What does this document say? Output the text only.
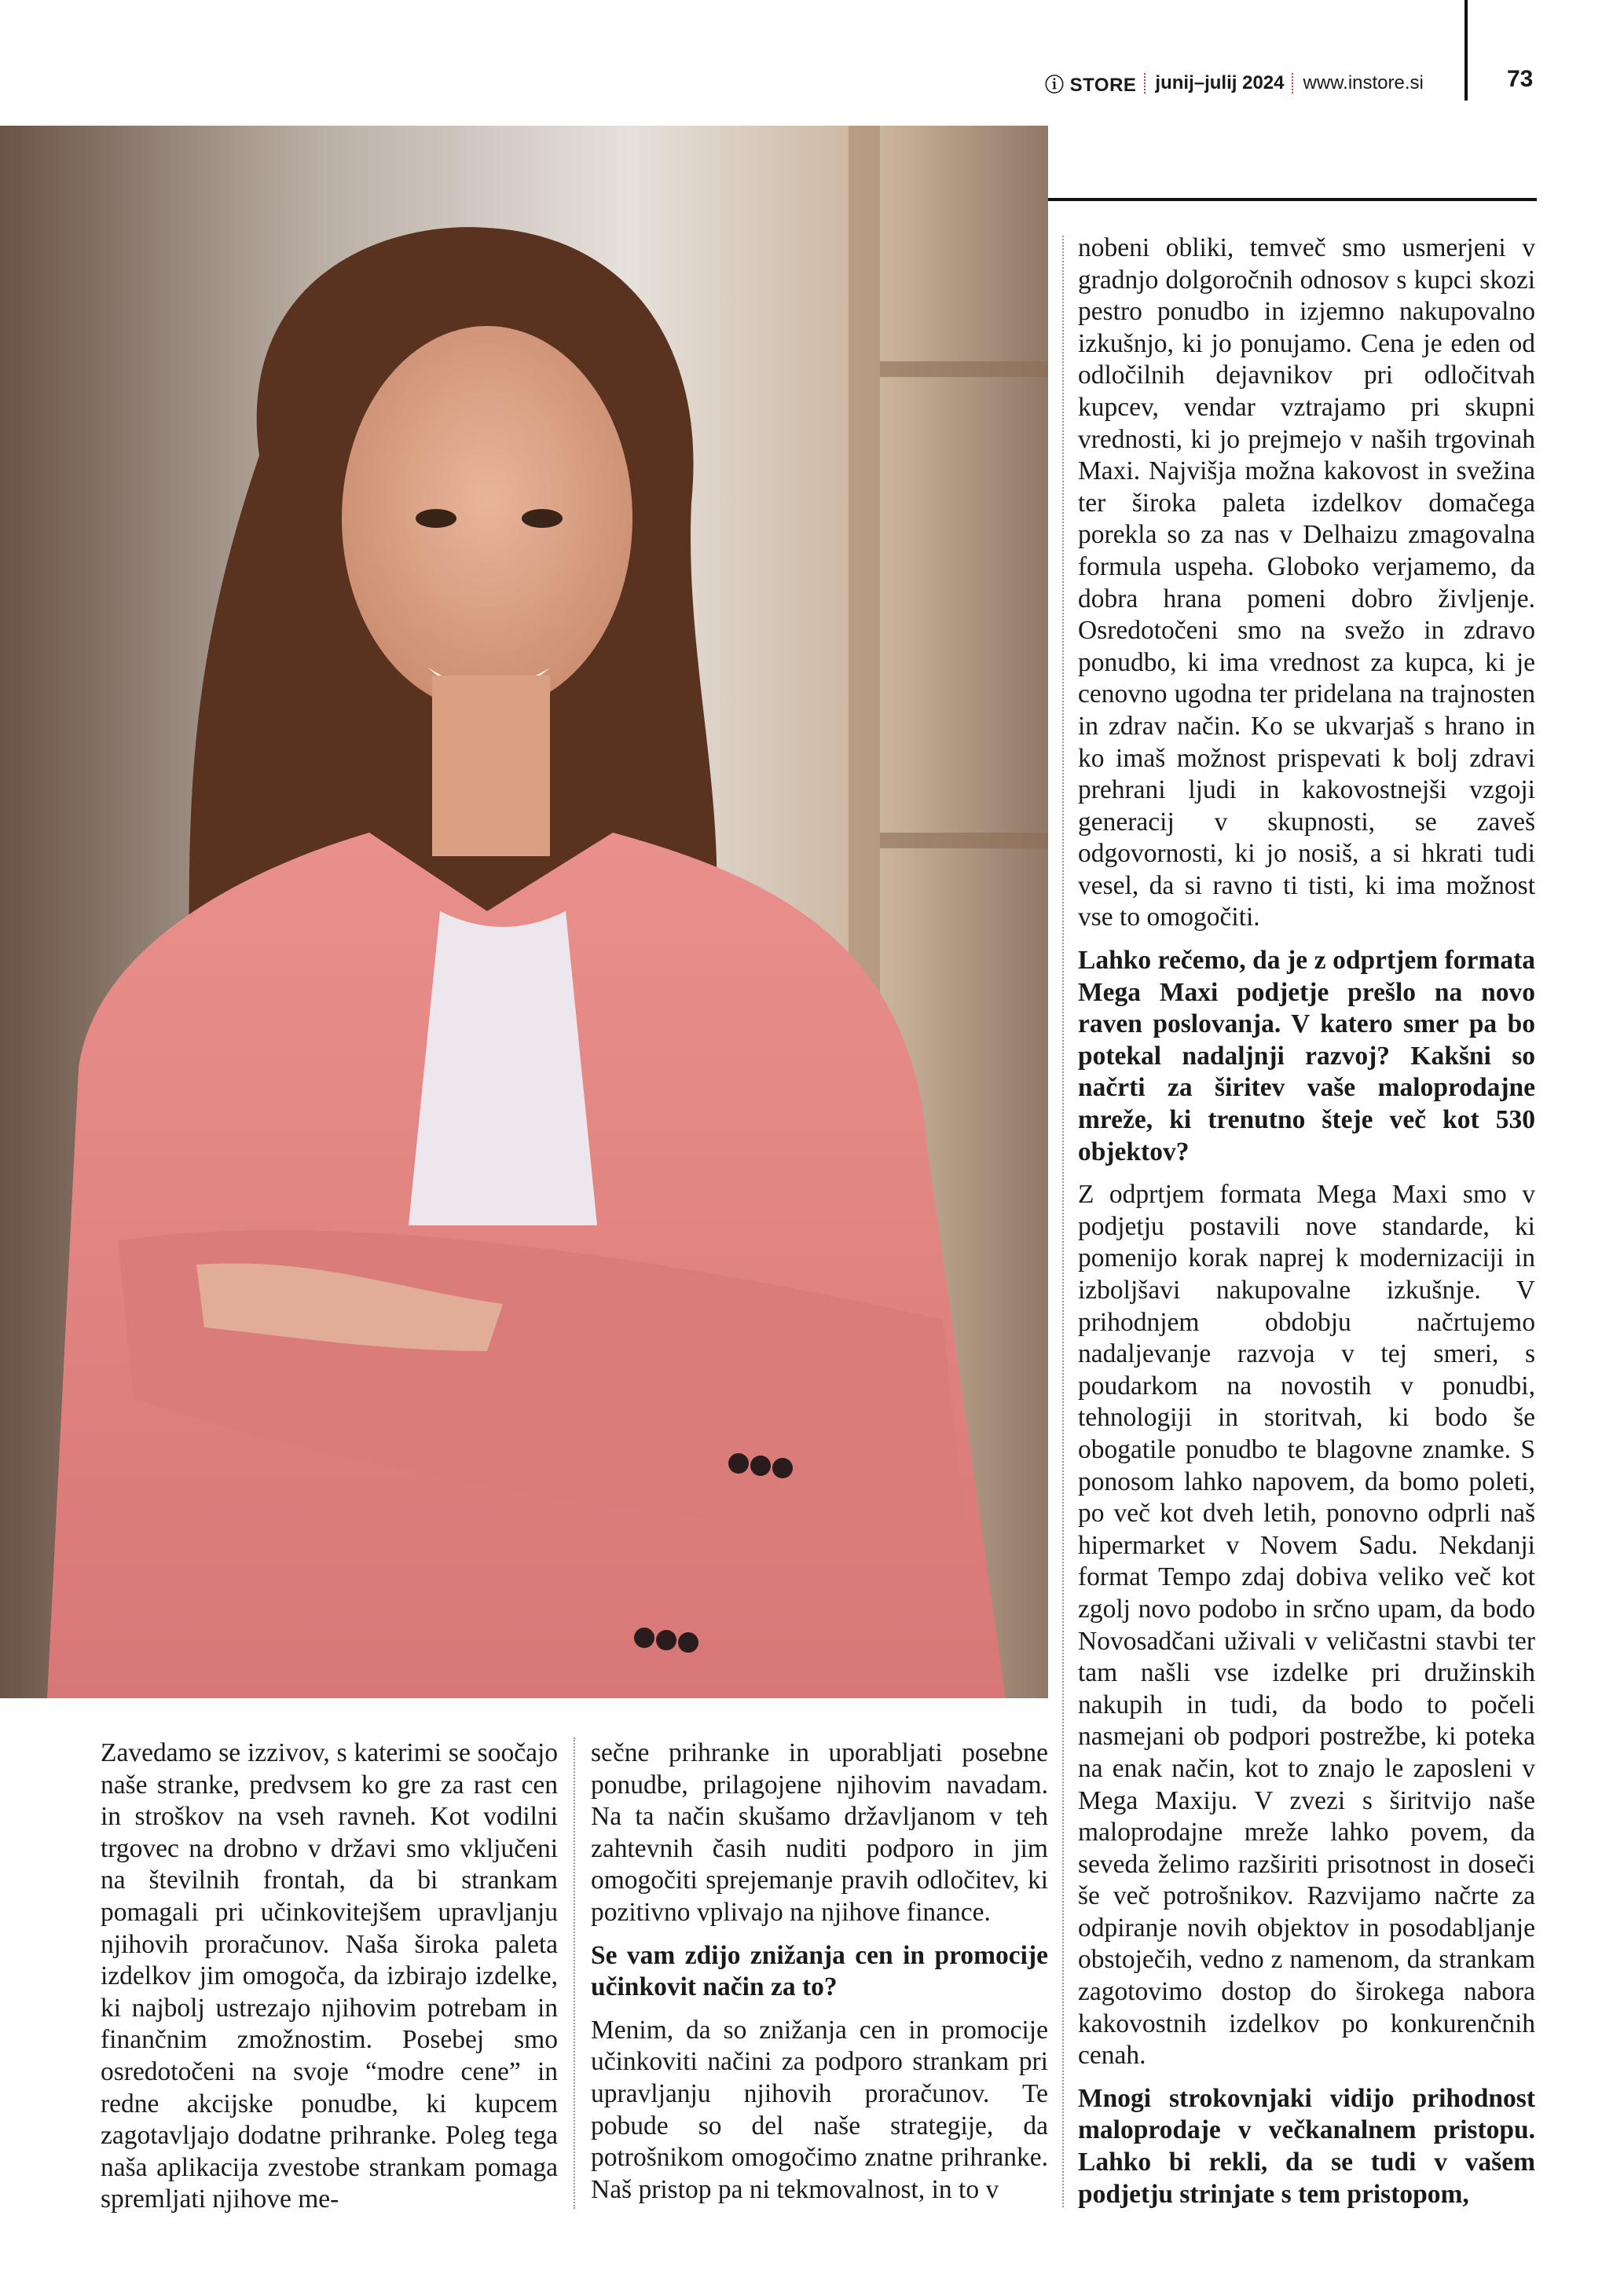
ⓘ STORE junij–julij 2024 www.instore.si	73

Zavedamo se izzivov, s katerimi se soočajo naše stranke, predvsem ko gre za rast cen in stroškov na vseh ravneh. Kot vodilni trgovec na drobno v državi smo vključeni na številnih frontah, da bi strankam pomagali pri učinkovitejšem upravljanju njihovih proračunov. Naša široka paleta izdelkov jim omogoča, da izbirajo izdelke, ki najbolj ustrezajo njihovim potrebam in finančnim zmožnostim. Posebej smo osredotočeni na svoje “modre cene” in redne akcijske ponudbe, ki kupcem zagotavljajo dodatne prihranke. Poleg tega naša aplikacija zvestobe strankam pomaga spremljati njihove me-

sečne prihranke in uporabljati posebne ponudbe, prilagojene njihovim navadam. Na ta način skušamo državljanom v teh zahtevnih časih nuditi podporo in jim omogočiti sprejemanje pravih odločitev, ki pozitivno vplivajo na njihove finance.

Se vam zdijo znižanja cen in promocije učinkovit način za to?

Menim, da so znižanja cen in promocije učinkoviti načini za podporo strankam pri upravljanju njihovih proračunov. Te pobude so del naše strategije, da potrošnikom omogočimo znatne prihranke. Naš pristop pa ni tekmovalnost, in to v

nobeni obliki, temveč smo usmerjeni v gradnjo dolgoročnih odnosov s kupci skozi pestro ponudbo in izjemno nakupovalno izkušnjo, ki jo ponujamo. Cena je eden od odločilnih dejavnikov pri odločitvah kupcev, vendar vztrajamo pri skupni vrednosti, ki jo prejmejo v naših trgovinah Maxi. Najvišja možna kakovost in svežina ter široka paleta izdelkov domačega porekla so za nas v Delhaizu zmagovalna formula uspeha. Globoko verjamemo, da dobra hrana pomeni dobro življenje. Osredotočeni smo na svežo in zdravo ponudbo, ki ima vrednost za kupca, ki je cenovno ugodna ter pridelana na trajnosten in zdrav način. Ko se ukvarjaš s hrano in ko imaš možnost prispevati k bolj zdravi prehrani ljudi in kakovostnejši vzgoji generacij v skupnosti, se zaveš odgovornosti, ki jo nosiš, a si hkrati tudi vesel, da si ravno ti tisti, ki ima možnost vse to omogočiti.

Lahko rečemo, da je z odprtjem formata Mega Maxi podjetje prešlo na novo raven poslovanja. V katero smer pa bo potekal nadaljnji razvoj? Kakšni so načrti za širitev vaše maloprodajne mreže, ki trenutno šteje več kot 530 objektov?

Z odprtjem formata Mega Maxi smo v podjetju postavili nove standarde, ki pomenijo korak naprej k modernizaciji in izboljšavi nakupovalne izkušnje. V prihodnjem obdobju načrtujemo nadaljevanje razvoja v tej smeri, s poudarkom na novostih v ponudbi, tehnologiji in storitvah, ki bodo še obogatile ponudbo te blagovne znamke. S ponosom lahko napovem, da bomo poleti, po več kot dveh letih, ponovno odprli naš hipermarket v Novem Sadu. Nekdanji format Tempo zdaj dobiva veliko več kot zgolj novo podobo in srčno upam, da bodo Novosadčani uživali v veličastni stavbi ter tam našli vse izdelke pri družinskih nakupih in tudi, da bodo to počeli nasmejani ob podpori postrežbe, ki poteka na enak način, kot to znajo le zaposleni v Mega Maxiju. V zvezi s širitvijo naše maloprodajne mreže lahko povem, da seveda želimo razširiti prisotnost in doseči še več potrošnikov. Razvijamo načrte za odpiranje novih objektov in posodabljanje obstoječih, vedno z namenom, da strankam zagotovimo dostop do širokega nabora kakovostnih izdelkov po konkurenčnih cenah.

Mnogi strokovnjaki vidijo prihodnost maloprodaje v večkanalnem pristopu. Lahko bi rekli, da se tudi v vašem podjetju strinjate s tem pristopom,
